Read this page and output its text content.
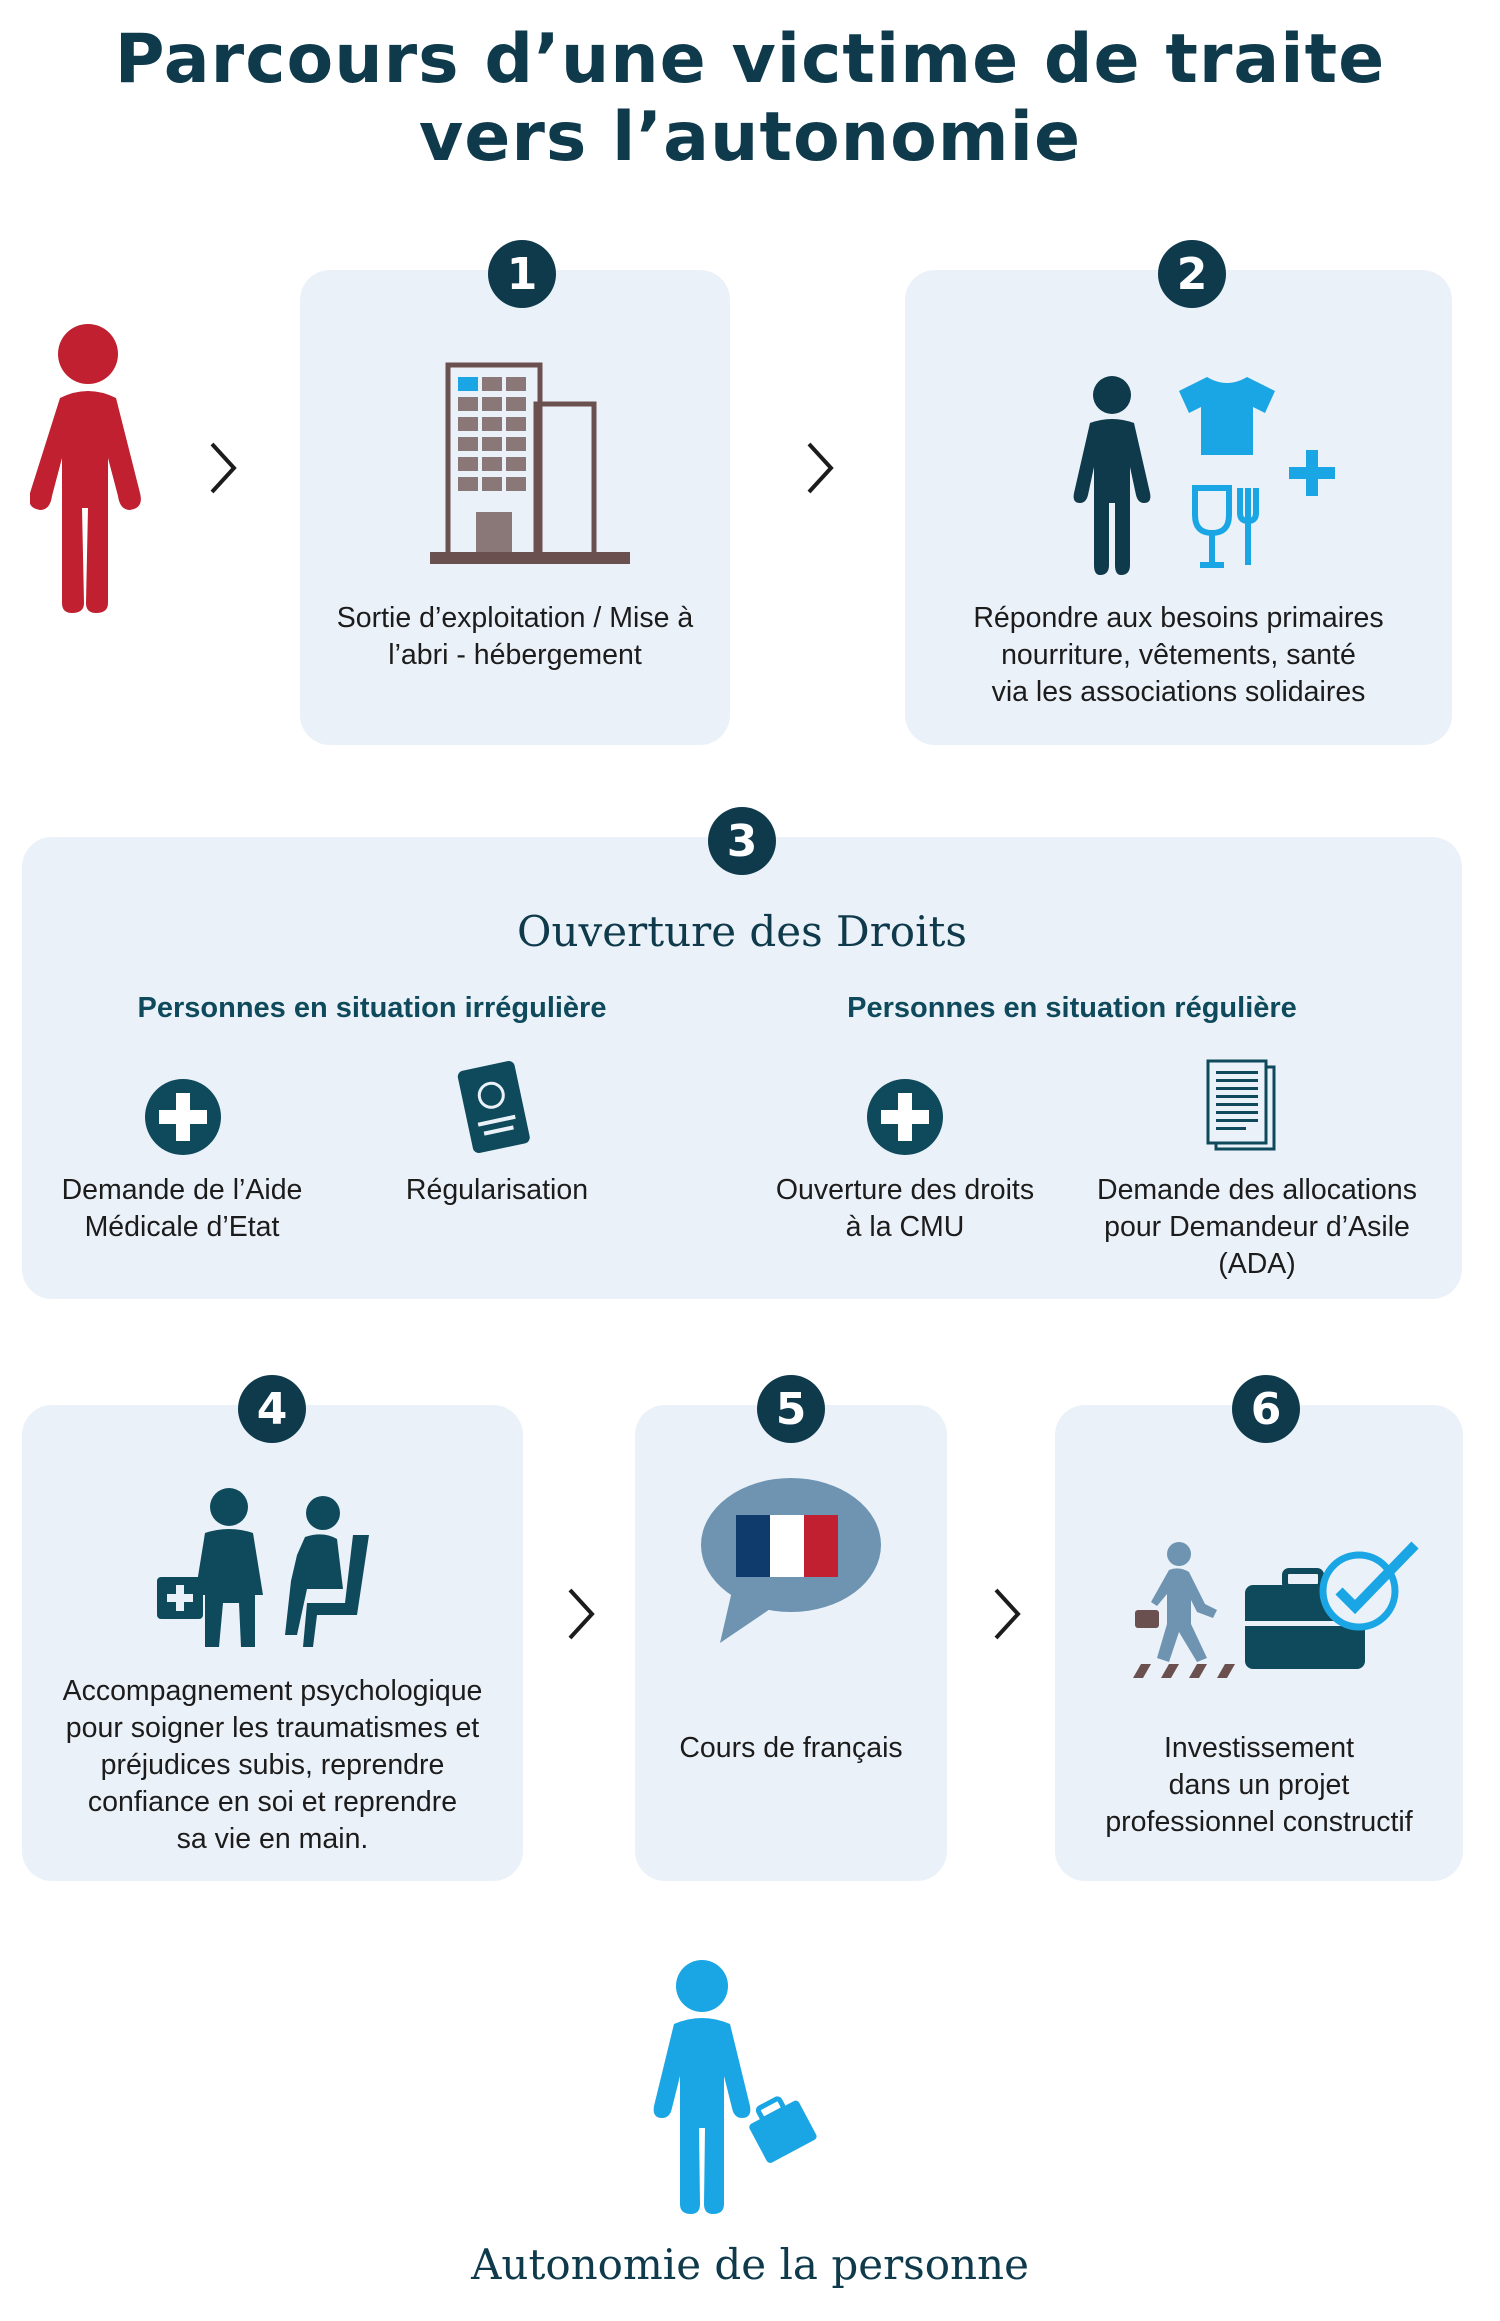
Parcours d’une victime de traite
vers l’autonomie
Sortie d’exploitation / Mise à
l’abri - hébergement
1
Répondre aux besoins primaires
nourriture, vêtements, santé
via les associations solidaires
2
Ouverture des Droits
Personnes en situation irrégulière	Personnes en situation régulière
Demande de l’Aide
Médicale d’Etat
Régularisation	Ouverture des droits
à la CMU
Demande des allocations
pour Demandeur d’Asile
(ADA)
3
Accompagnement psychologique
pour soigner les traumatismes et
préjudices subis, reprendre
confiance en soi et reprendre
sa vie en main.
4
Cours de français
5
Investissement
dans un projet
professionnel constructif
6
Autonomie de la personne
